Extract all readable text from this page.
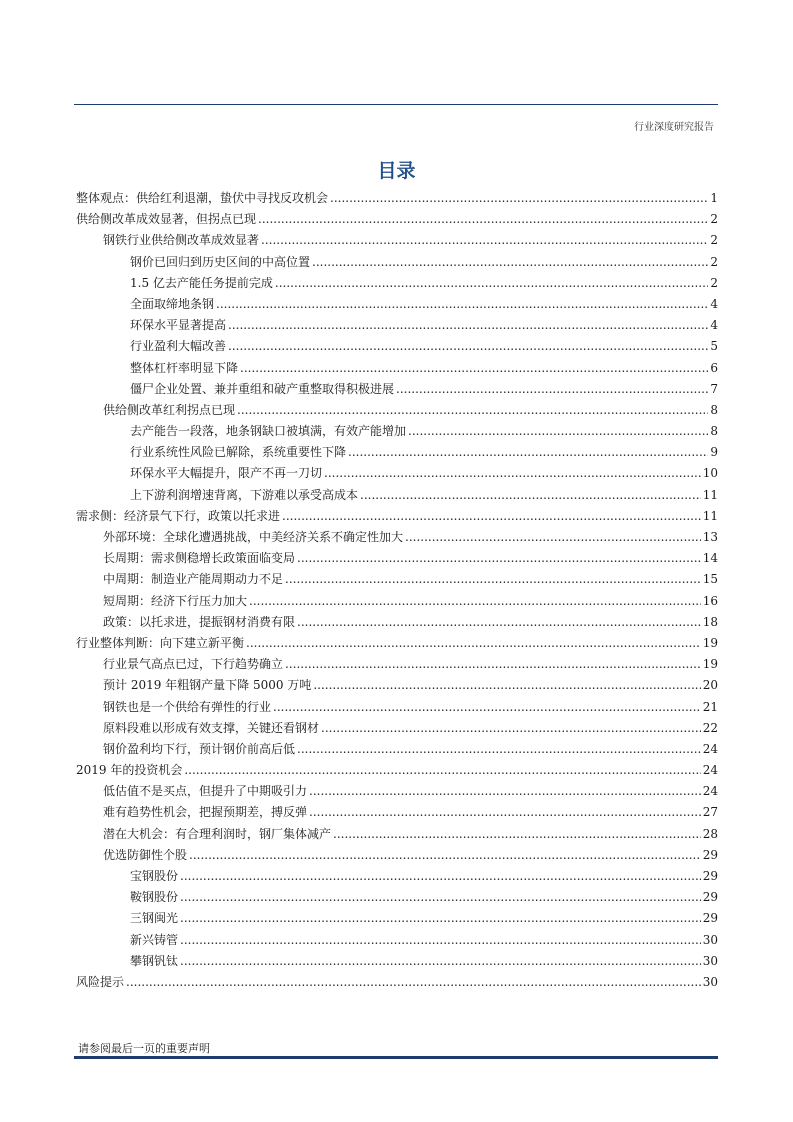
行业深度研究报告
目录
整体观点：供给红利退潮，蛰伏中寻找反攻机会 .....	1
供给侧改革成效显著，但拐点已现 .....	2
钢铁行业供给侧改革成效显著 .....	2
钢价已回归到历史区间的中高位置 .....	2
1.5 亿去产能任务提前完成 .....	2
全面取缔地条钢 .....	4
环保水平显著提高 .....	4
行业盈利大幅改善 .....	5
整体杠杆率明显下降 .....	6
僵尸企业处置、兼并重组和破产重整取得积极进展 .....	7
供给侧改革红利拐点已现 .....	8
去产能告一段落，地条钢缺口被填满，有效产能增加 .....	8
行业系统性风险已解除，系统重要性下降 .....	9
环保水平大幅提升，限产不再一刀切 .....	10
上下游利润增速背离，下游难以承受高成本 .....	11
需求侧：经济景气下行，政策以托求进 .....	11
外部环境：全球化遭遇挑战，中美经济关系不确定性加大 .....	13
长周期：需求侧稳增长政策面临变局 .....	14
中周期：制造业产能周期动力不足 .....	15
短周期：经济下行压力加大 .....	16
政策：以托求进，提振钢材消费有限 .....	18
行业整体判断：向下建立新平衡 .....	19
行业景气高点已过，下行趋势确立 .....	19
预计 2019 年粗钢产量下降 5000 万吨 .....	20
钢铁也是一个供给有弹性的行业 .....	21
原料段难以形成有效支撑，关键还看钢材 .....	22
钢价盈利均下行，预计钢价前高后低 .....	24
2019 年的投资机会 .....	24
低估值不是买点，但提升了中期吸引力 .....	24
难有趋势性机会，把握预期差，搏反弹 .....	27
潜在大机会：有合理利润时，钢厂集体减产 .....	28
优选防御性个股 .....	29
宝钢股份 .....	29
鞍钢股份 .....	29
三钢闽光 .....	29
新兴铸管 .....	30
攀钢钒钛 .....	30
风险提示 .....	30
请参阅最后一页的重要声明
